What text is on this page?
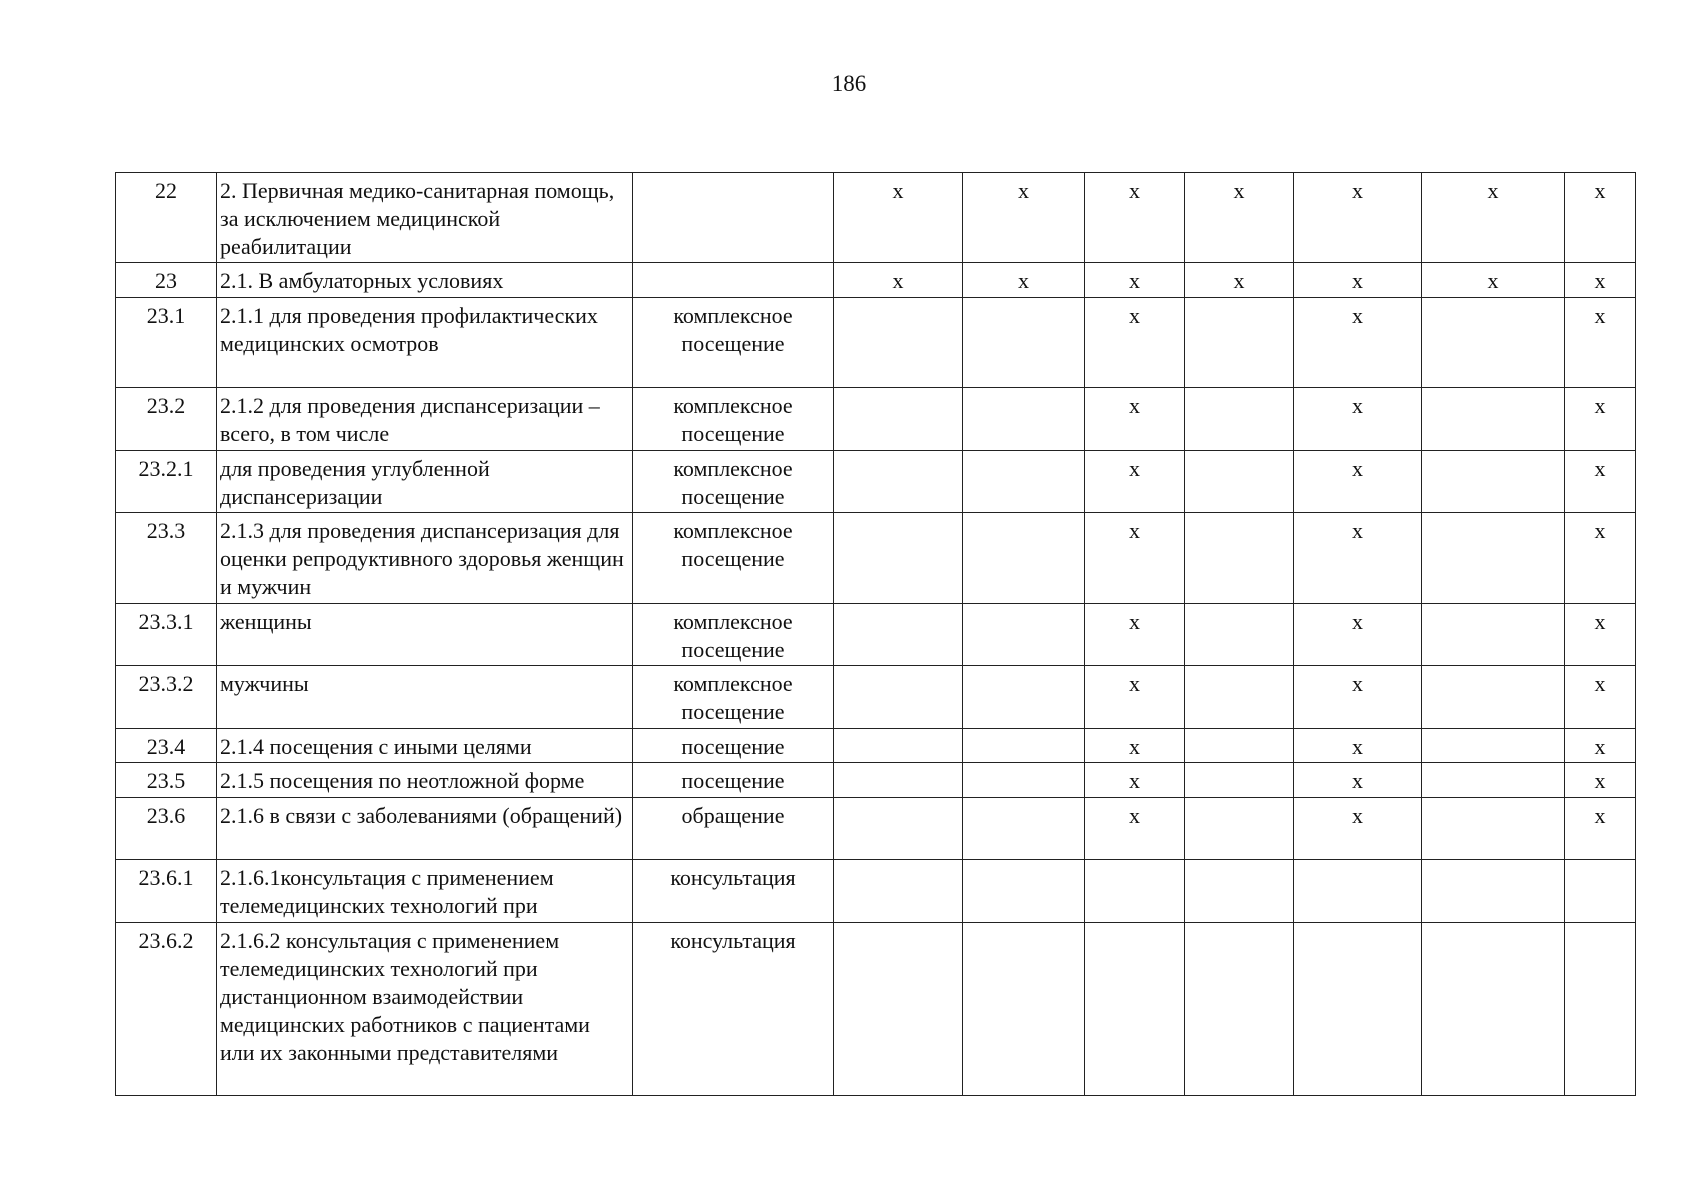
186
22	2. Первичная медико-санитарная помощь, за исключением медицинской реабилитации		x	x	x	x	x	x	x
23	2.1. В амбулаторных условиях		x	x	x	x	x	x	x
23.1	2.1.1 для проведения профилактических медицинских осмотров	комплексное посещение			x		x		x
23.2	2.1.2 для проведения диспансеризации – всего, в том числе	комплексное посещение			x		x		x
23.2.1	для проведения углубленной диспансеризации	комплексное посещение			x		x		x
23.3	2.1.3 для проведения диспансеризация для оценки репродуктивного здоровья женщин и мужчин	комплексное посещение			x		x		x
23.3.1	женщины	комплексное посещение			x		x		x
23.3.2	мужчины	комплексное посещение			x		x		x
23.4	2.1.4 посещения с иными целями	посещение			x		x		x
23.5	2.1.5 посещения по неотложной форме	посещение			x		x		x
23.6	2.1.6 в связи с заболеваниями (обращений)	обращение			x		x		x
23.6.1	2.1.6.1консультация с применением телемедицинских технологий при	консультация							
23.6.2	2.1.6.2 консультация с применением телемедицинских технологий при дистанционном взаимодействии медицинских работников с пациентами или их законными представителями	консультация							
